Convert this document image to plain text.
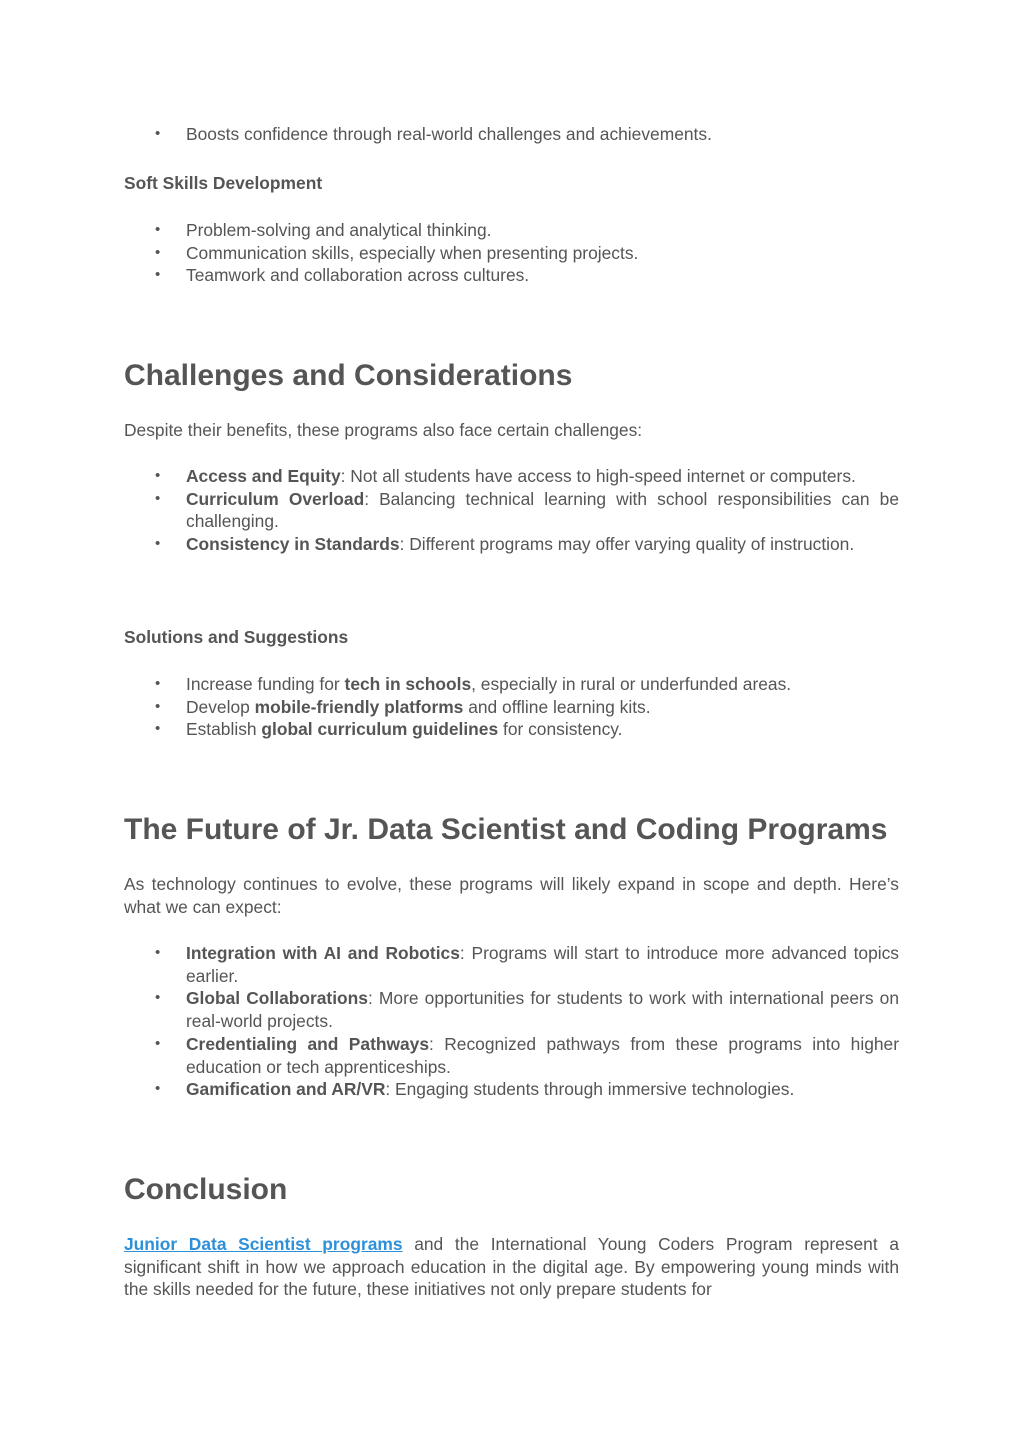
• Boosts confidence through real-world challenges and achievements.

Soft Skills Development

• Problem-solving and analytical thinking.
• Communication skills, especially when presenting projects.
• Teamwork and collaboration across cultures.
Challenges and Considerations

Despite their benefits, these programs also face certain challenges:

• Access and Equity: Not all students have access to high-speed internet or computers.
• Curriculum Overload: Balancing technical learning with school responsibilities can be challenging.
• Consistency in Standards: Different programs may offer varying quality of instruction.

Solutions and Suggestions

• Increase funding for tech in schools, especially in rural or underfunded areas.
• Develop mobile-friendly platforms and offline learning kits.
• Establish global curriculum guidelines for consistency.
The Future of Jr. Data Scientist and Coding Programs

As technology continues to evolve, these programs will likely expand in scope and depth. Here’s what we can expect:

• Integration with AI and Robotics: Programs will start to introduce more advanced topics earlier.
• Global Collaborations: More opportunities for students to work with international peers on real-world projects.
• Credentialing and Pathways: Recognized pathways from these programs into higher education or tech apprenticeships.
• Gamification and AR/VR: Engaging students through immersive technologies.
Conclusion

Junior Data Scientist programs and the International Young Coders Program represent a significant shift in how we approach education in the digital age. By empowering young minds with the skills needed for the future, these initiatives not only prepare students for
